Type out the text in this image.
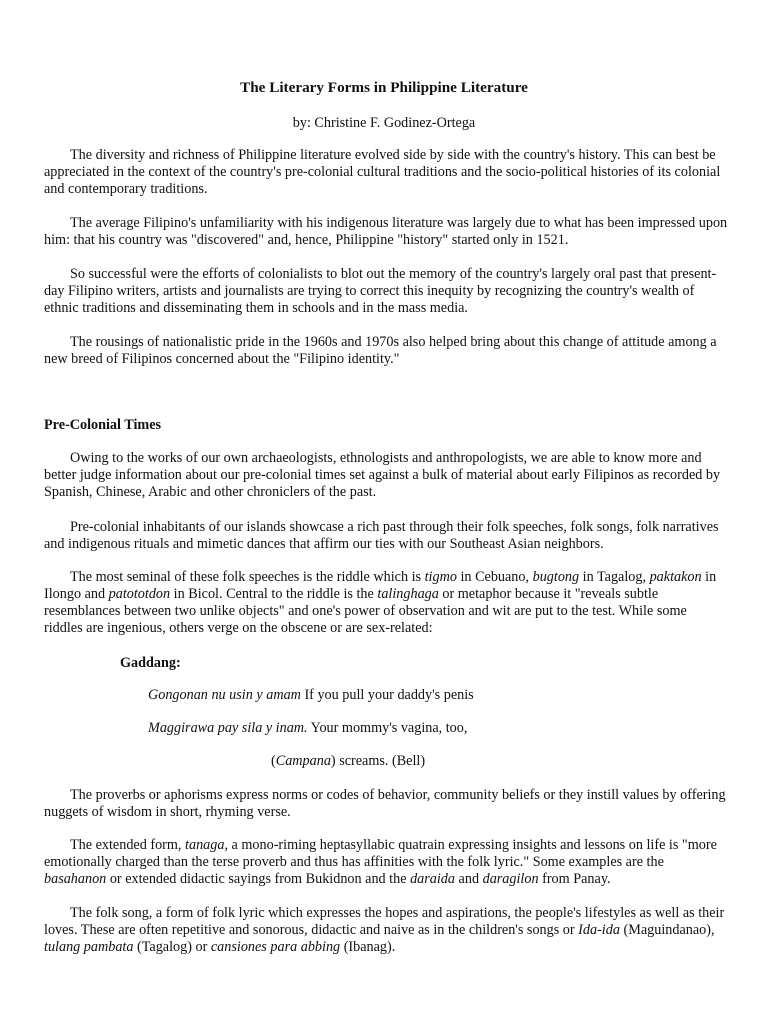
The Literary Forms in Philippine Literature
by: Christine F. Godinez-Ortega

The diversity and richness of Philippine literature evolved side by side with the country's history. This can best be appreciated in the context of the country's pre-colonial cultural traditions and the socio-political histories of its colonial and contemporary traditions.

The average Filipino's unfamiliarity with his indigenous literature was largely due to what has been impressed upon him: that his country was "discovered" and, hence, Philippine "history" started only in 1521.

So successful were the efforts of colonialists to blot out the memory of the country's largely oral past that present-day Filipino writers, artists and journalists are trying to correct this inequity by recognizing the country's wealth of ethnic traditions and disseminating them in schools and in the mass media.

The rousings of nationalistic pride in the 1960s and 1970s also helped bring about this change of attitude among a new breed of Filipinos concerned about the "Filipino identity."

Pre-Colonial Times

Owing to the works of our own archaeologists, ethnologists and anthropologists, we are able to know more and better judge information about our pre-colonial times set against a bulk of material about early Filipinos as recorded by Spanish, Chinese, Arabic and other chroniclers of the past.

Pre-colonial inhabitants of our islands showcase a rich past through their folk speeches, folk songs, folk narratives and indigenous rituals and mimetic dances that affirm our ties with our Southeast Asian neighbors.

The most seminal of these folk speeches is the riddle which is tigmo in Cebuano, bugtong in Tagalog, paktakon in Ilongo and patototdon in Bicol. Central to the riddle is the talinghaga or metaphor because it "reveals subtle resemblances between two unlike objects" and one's power of observation and wit are put to the test. While some riddles are ingenious, others verge on the obscene or are sex-related:

Gaddang:
Gongonan nu usin y amam If you pull your daddy's penis
Maggirawa pay sila y inam. Your mommy's vagina, too,
(Campana) screams. (Bell)

The proverbs or aphorisms express norms or codes of behavior, community beliefs or they instill values by offering nuggets of wisdom in short, rhyming verse.

The extended form, tanaga, a mono-riming heptasyllabic quatrain expressing insights and lessons on life is "more emotionally charged than the terse proverb and thus has affinities with the folk lyric." Some examples are the basahanon or extended didactic sayings from Bukidnon and the daraida and daragilon from Panay.

The folk song, a form of folk lyric which expresses the hopes and aspirations, the people's lifestyles as well as their loves. These are often repetitive and sonorous, didactic and naive as in the children's songs or Ida-ida (Maguindanao), tulang pambata (Tagalog) or cansiones para abbing (Ibanag).
